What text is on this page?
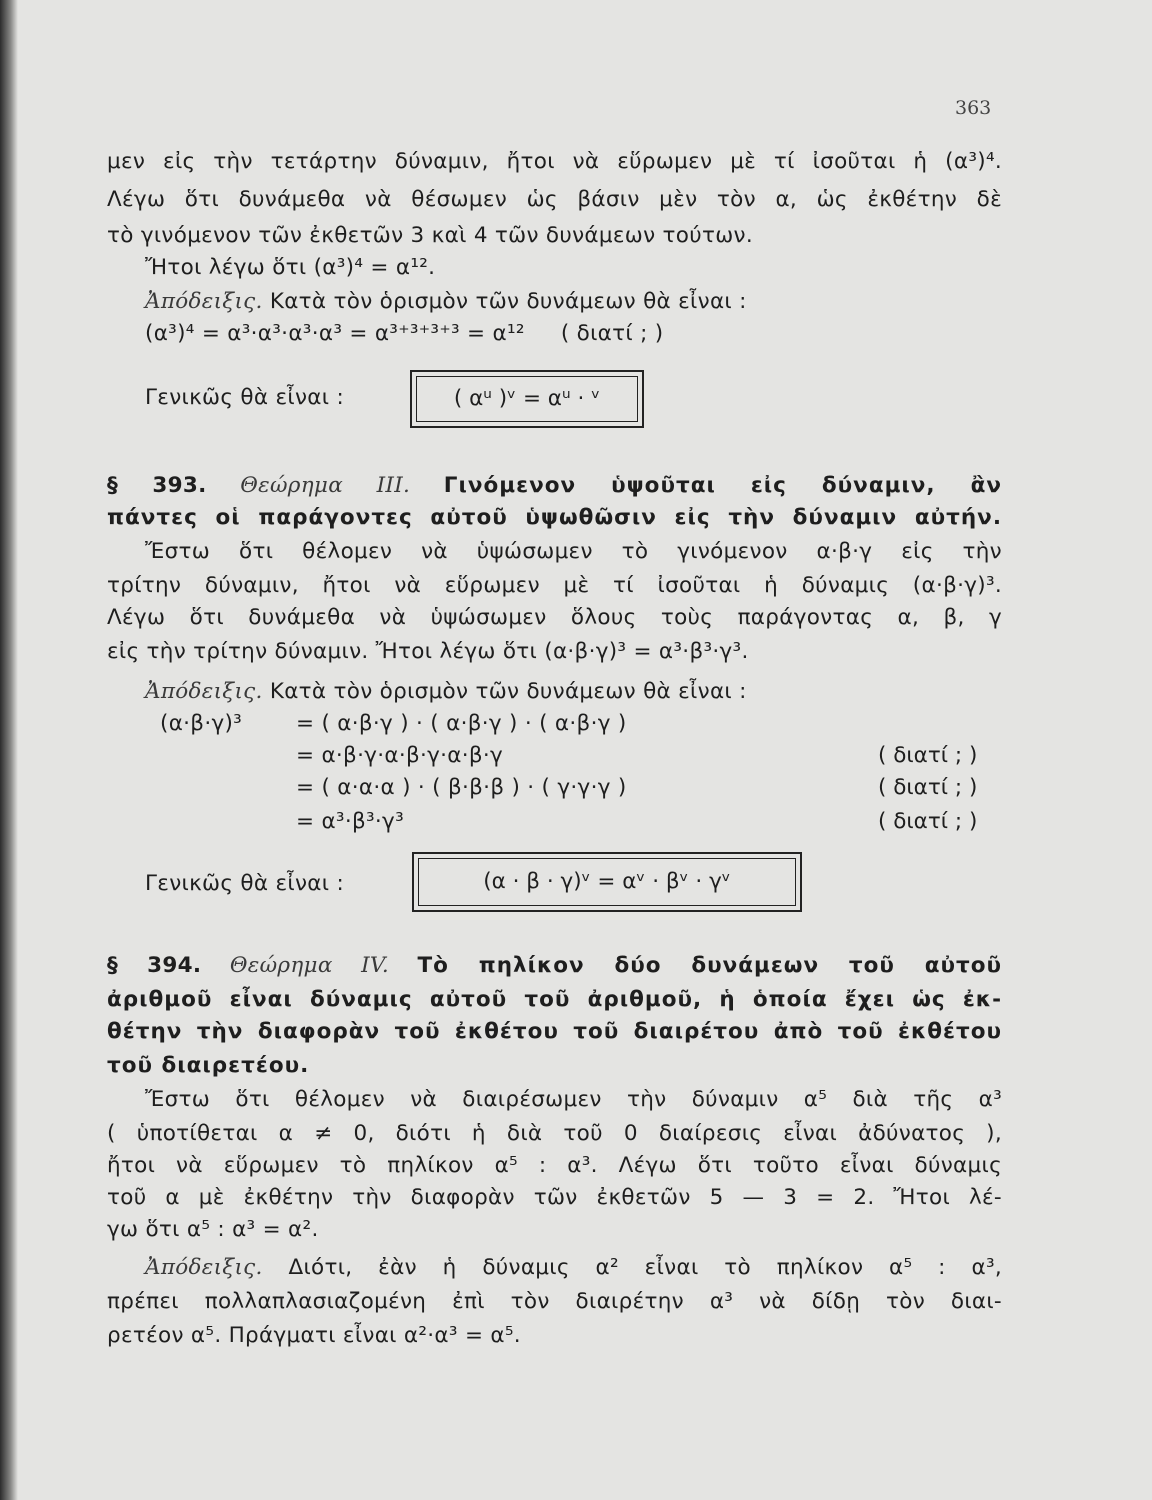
363
μεν εἰς τὴν τετάρτην δύναμιν, ἤτοι νὰ εὕρωμεν μὲ τί ἰσοῦται ἡ (α³)⁴.
Λέγω ὅτι δυνάμεθα νὰ θέσωμεν ὡς βάσιν μὲν τὸν α, ὡς ἐκθέτην δὲ
τὸ γινόμενον τῶν ἐκθετῶν 3 καὶ 4 τῶν δυνάμεων τούτων.
Ἤτοι λέγω ὅτι (α³)⁴ = α¹².
Ἀπόδειξις. Κατὰ τὸν ὁρισμὸν τῶν δυνάμεων θὰ εἶναι :
(α³)⁴ = α³·α³·α³·α³ = α³⁺³⁺³⁺³ = α¹² ( διατί ; )
Γενικῶς θὰ εἶναι :	( αᵘ )ᵛ = αᵘ · ᵛ
§ 393. Θεώρημα III. Γινόμενον ὑψοῦται εἰς δύναμιν, ἂν
πάντες οἱ παράγοντες αὐτοῦ ὑψωθῶσιν εἰς τὴν δύναμιν αὐτήν.
Ἔστω ὅτι θέλομεν νὰ ὑψώσωμεν τὸ γινόμενον α·β·γ εἰς τὴν
τρίτην δύναμιν, ἤτοι νὰ εὕρωμεν μὲ τί ἰσοῦται ἡ δύναμις (α·β·γ)³.
Λέγω ὅτι δυνάμεθα νὰ ὑψώσωμεν ὅλους τοὺς παράγοντας α, β, γ
εἰς τὴν τρίτην δύναμιν. Ἤτοι λέγω ὅτι (α·β·γ)³ = α³·β³·γ³.
Ἀπόδειξις. Κατὰ τὸν ὁρισμὸν τῶν δυνάμεων θὰ εἶναι :
(α·β·γ)³	= ( α·β·γ ) · ( α·β·γ ) · ( α·β·γ )
= α·β·γ·α·β·γ·α·β·γ	( διατί ; )
= ( α·α·α ) · ( β·β·β ) · ( γ·γ·γ )	( διατί ; )
= α³·β³·γ³	( διατί ; )
Γενικῶς θὰ εἶναι :	(α · β · γ)ᵛ = αᵛ · βᵛ · γᵛ
§ 394. Θεώρημα IV. Τὸ πηλίκον δύο δυνάμεων τοῦ αὐτοῦ
ἀριθμοῦ εἶναι δύναμις αὐτοῦ τοῦ ἀριθμοῦ, ἡ ὁποία ἔχει ὡς ἐκ-
θέτην τὴν διαφορὰν τοῦ ἐκθέτου τοῦ διαιρέτου ἀπὸ τοῦ ἐκθέτου
τοῦ διαιρετέου.
Ἔστω ὅτι θέλομεν νὰ διαιρέσωμεν τὴν δύναμιν α⁵ διὰ τῆς α³
( ὑποτίθεται α ≠ 0, διότι ἡ διὰ τοῦ 0 διαίρεσις εἶναι ἀδύνατος ),
ἤτοι νὰ εὕρωμεν τὸ πηλίκον α⁵ : α³. Λέγω ὅτι τοῦτο εἶναι δύναμις
τοῦ α μὲ ἐκθέτην τὴν διαφορὰν τῶν ἐκθετῶν 5 — 3 = 2. Ἤτοι λέ-
γω ὅτι α⁵ : α³ = α².
Ἀπόδειξις. Διότι, ἐὰν ἡ δύναμις α² εἶναι τὸ πηλίκον α⁵ : α³,
πρέπει πολλαπλασιαζομένη ἐπὶ τὸν διαιρέτην α³ νὰ δίδῃ τὸν διαι-
ρετέον α⁵. Πράγματι εἶναι α²·α³ = α⁵.
